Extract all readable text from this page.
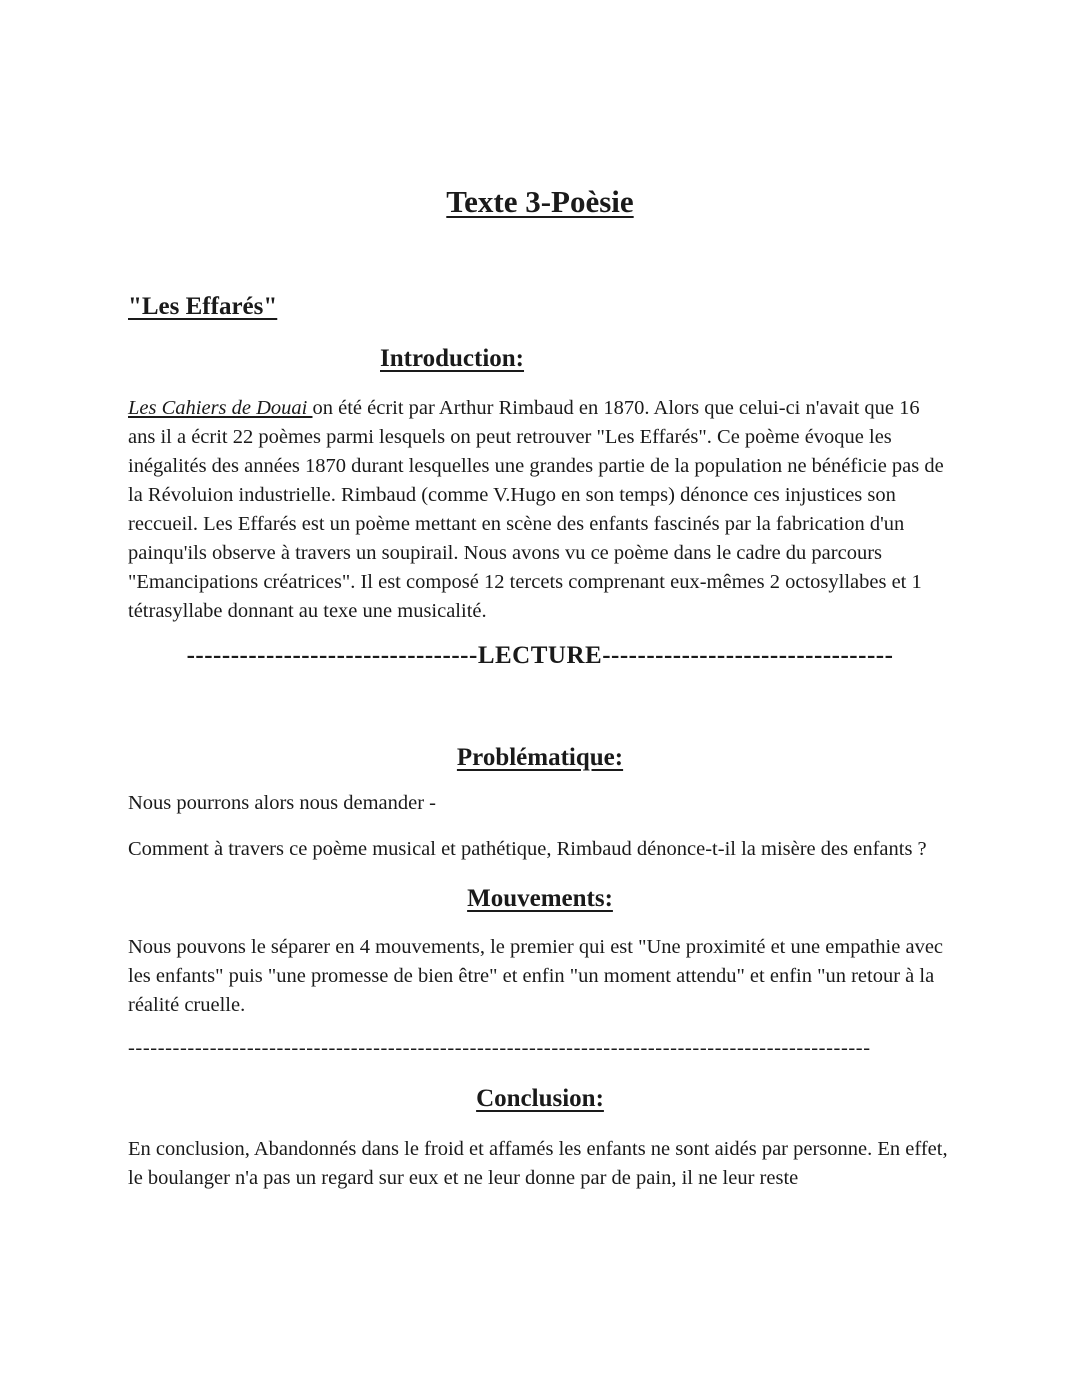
Texte 3-Poèsie
"Les Effarés"
Introduction:

Les Cahiers de Douai on été écrit par Arthur Rimbaud en 1870. Alors que celui-ci n'avait que 16 ans il a écrit 22 poèmes parmi lesquels on peut retrouver "Les Effarés". Ce poème évoque les inégalités des années 1870 durant lesquelles une grandes partie de la population ne bénéficie pas de la Révoluion industrielle. Rimbaud (comme V.Hugo en son temps) dénonce ces injustices son reccueil. Les Effarés est un poème mettant en scène des enfants fascinés par la fabrication d'un painqu'ils observe à travers un soupirail. Nous avons vu ce poème dans le cadre du parcours "Emancipations créatrices". Il est composé 12 tercets comprenant eux-mêmes 2 octosyllabes et 1 tétrasyllabe donnant au texe une musicalité.

---------------------------------LECTURE---------------------------------

Problématique:

Nous pourrons alors nous demander -

Comment à travers ce poème musical et pathétique, Rimbaud dénonce-t-il la misère des enfants ?

Mouvements:

Nous pouvons le séparer en 4 mouvements, le premier qui est "Une proximité et une empathie avec les enfants" puis "une promesse de bien être" et enfin "un moment attendu" et enfin "un retour à la réalité cruelle.

----------------------------------------------------------------------------------------------------

Conclusion:

En conclusion, Abandonnés dans le froid et affamés les enfants ne sont aidés par personne. En effet, le boulanger n'a pas un regard sur eux et ne leur donne par de pain, il ne leur reste
